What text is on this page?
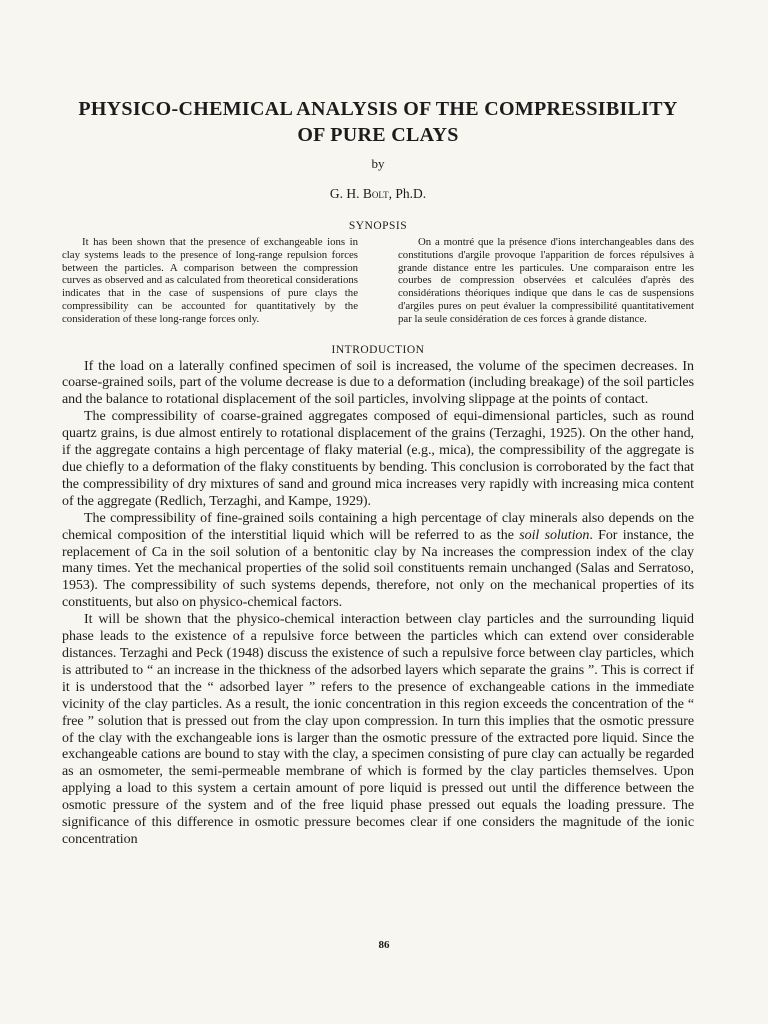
PHYSICO-CHEMICAL ANALYSIS OF THE COMPRESSIBILITY
OF PURE CLAYS
by
G. H. Bolt, Ph.D.
SYNOPSIS

It has been shown that the presence of exchangeable ions in clay systems leads to the presence of long-range repulsion forces between the particles. A comparison between the compression curves as observed and as calculated from theoretical considerations indicates that in the case of suspensions of pure clays the compressibility can be accounted for quantitatively by the consideration of these long-range forces only.

On a montré que la présence d'ions interchangeables dans des constitutions d'argile provoque l'apparition de forces répulsives à grande distance entre les particules. Une comparaison entre les courbes de compression observées et calculées d'après des considérations théoriques indique que dans le cas de suspensions d'argiles pures on peut évaluer la compressibilité quantitativement par la seule considération de ces forces à grande distance.

INTRODUCTION

If the load on a laterally confined specimen of soil is increased, the volume of the specimen decreases. In coarse-grained soils, part of the volume decrease is due to a deformation (including breakage) of the soil particles and the balance to rotational displacement of the soil particles, involving slippage at the points of contact.

The compressibility of coarse-grained aggregates composed of equi-dimensional particles, such as round quartz grains, is due almost entirely to rotational displacement of the grains (Terzaghi, 1925). On the other hand, if the aggregate contains a high percentage of flaky material (e.g., mica), the compressibility of the aggregate is due chiefly to a deformation of the flaky constituents by bending. This conclusion is corroborated by the fact that the compressibility of dry mixtures of sand and ground mica increases very rapidly with increasing mica content of the aggregate (Redlich, Terzaghi, and Kampe, 1929).

The compressibility of fine-grained soils containing a high percentage of clay minerals also depends on the chemical composition of the interstitial liquid which will be referred to as the soil solution. For instance, the replacement of Ca in the soil solution of a bentonitic clay by Na increases the compression index of the clay many times. Yet the mechanical properties of the solid soil constituents remain unchanged (Salas and Serratoso, 1953). The compressibility of such systems depends, therefore, not only on the mechanical properties of its constituents, but also on physico-chemical factors.

It will be shown that the physico-chemical interaction between clay particles and the surrounding liquid phase leads to the existence of a repulsive force between the particles which can extend over considerable distances. Terzaghi and Peck (1948) discuss the existence of such a repulsive force between clay particles, which is attributed to “ an increase in the thickness of the adsorbed layers which separate the grains ”. This is correct if it is understood that the “ adsorbed layer ” refers to the presence of exchangeable cations in the immediate vicinity of the clay particles. As a result, the ionic concentration in this region exceeds the concentration of the “ free ” solution that is pressed out from the clay upon compression. In turn this implies that the osmotic pressure of the clay with the exchangeable ions is larger than the osmotic pressure of the extracted pore liquid. Since the exchangeable cations are bound to stay with the clay, a specimen consisting of pure clay can actually be regarded as an osmometer, the semi-permeable membrane of which is formed by the clay particles themselves. Upon applying a load to this system a certain amount of pore liquid is pressed out until the difference between the osmotic pressure of the system and of the free liquid phase pressed out equals the loading pressure. The significance of this difference in osmotic pressure becomes clear if one considers the magnitude of the ionic concentration

86
